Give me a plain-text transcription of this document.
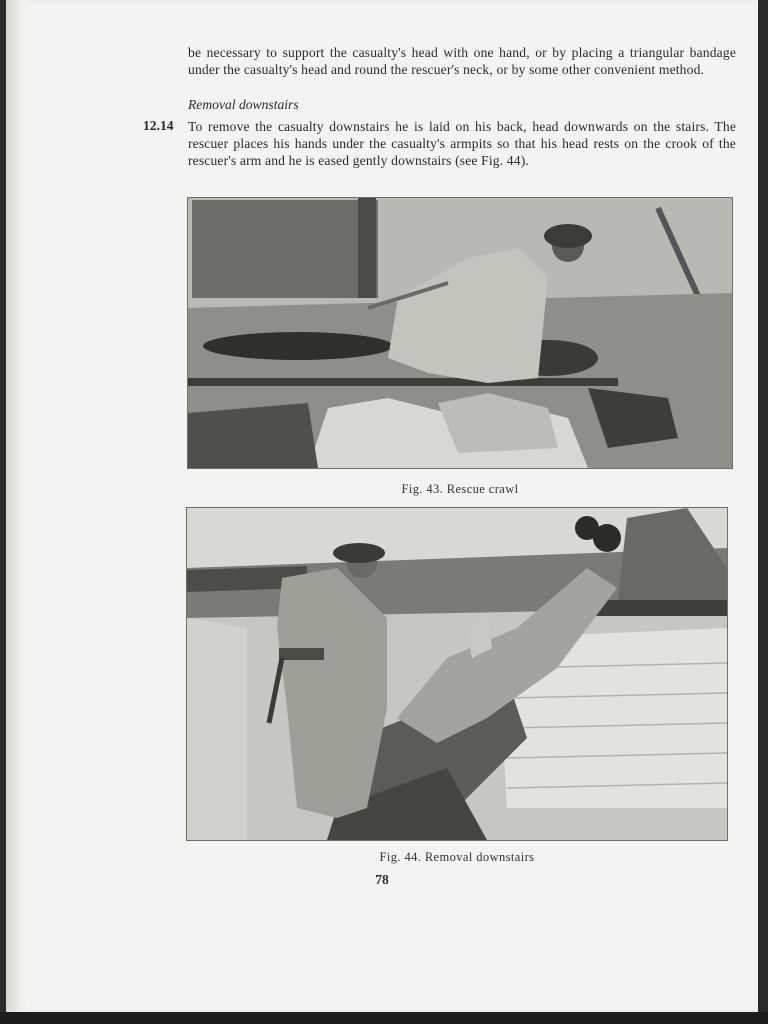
be necessary to support the casualty's head with one hand, or by placing a triangular bandage under the casualty's head and round the rescuer's neck, or by some other convenient method.
Removal downstairs
12.14 To remove the casualty downstairs he is laid on his back, head downwards on the stairs. The rescuer places his hands under the casualty's armpits so that his head rests on the crook of the rescuer's arm and he is eased gently downstairs (see Fig. 44).
Fig. 43. Rescue crawl
Fig. 44. Removal downstairs
78
